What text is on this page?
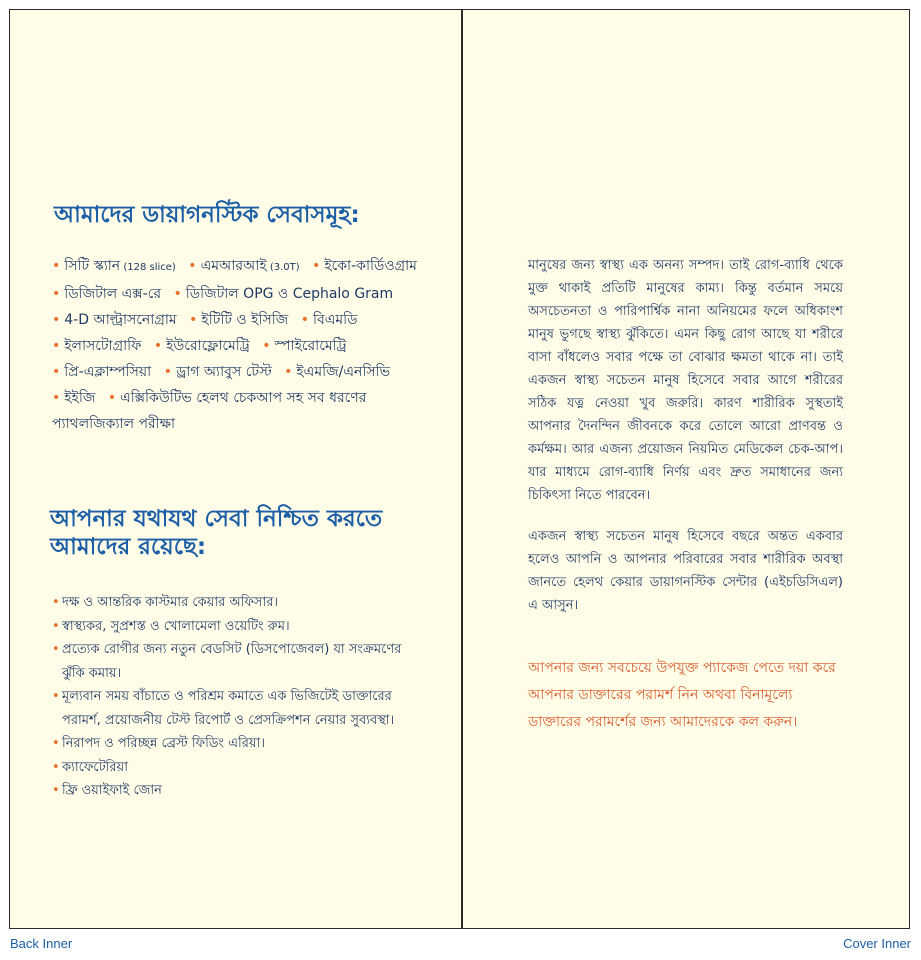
আমাদের ডায়াগনস্টিক সেবাসমূহ:
• সিটি স্ক্যান (128 slice) • এমআরআই (3.0T) • ইকো-কার্ডিওগ্রাম • ডিজিটাল এক্স-রে • ডিজিটাল OPG ও Cephalo Gram • 4-D আল্ট্রাসনোগ্রাম • ইটিটি ও ইসিজি • বিএমডি • ইলাসটোগ্রাফি • ইউরোফ্লোমেট্রি • স্পাইরোমেট্রি • প্রি-এক্লাম্পসিয়া • ড্রাগ অ্যাবুস টেস্ট • ইএমজি/এনসিভি • ইইজি • এক্সিকিউটিভ হেলথ চেকআপ সহ সব ধরণের প্যাথলজিক্যাল পরীক্ষা
আপনার যথাযথ সেবা নিশ্চিত করতে আমাদের রয়েছে:
• দক্ষ ও আন্তরিক কাস্টমার কেয়ার অফিসার।
• স্বাস্থ্যকর, সুপ্রশস্ত ও খোলামেলা ওয়েটিং রুম।
• প্রত্যেক রোগীর জন্য নতুন বেডসিট (ডিসপোজেবল) যা সংক্রমণের ঝুঁকি কমায়।
• মূল্যবান সময় বাঁচাতে ও পরিশ্রম কমাতে এক ভিজিটেই ডাক্তারের পরামর্শ, প্রয়োজনীয় টেস্ট রিপোর্ট ও প্রেসক্রিপশন নেয়ার সুব্যবস্থা।
• নিরাপদ ও পরিচ্ছন্ন ব্রেস্ট ফিডিং এরিয়া।
• ক্যাফেটেরিয়া
• ফ্রি ওয়াইফাই জোন

মানুষের জন্য স্বাস্থ্য এক অনন্য সম্পদ। তাই রোগ-ব্যাধি থেকে মুক্ত থাকাই প্রতিটি মানুষের কাম্য। কিন্তু বর্তমান সময়ে অসচেতনতা ও পারিপার্শ্বিক নানা অনিয়মের ফলে অধিকাংশ মানুষ ভুগছে স্বাস্থ্য ঝুঁকিতে। এমন কিছু রোগ আছে যা শরীরে বাসা বাঁধলেও সবার পক্ষে তা বোঝার ক্ষমতা থাকে না। তাই একজন স্বাস্থ্য সচেতন মানুষ হিসেবে সবার আগে শরীরের সঠিক যত্ন নেওয়া খুব জরুরি। কারণ শারীরিক সুস্থতাই আপনার দৈনন্দিন জীবনকে করে তোলে আরো প্রাণবন্ত ও কর্মক্ষম। আর এজন্য প্রয়োজন নিয়মিত মেডিকেল চেক-আপ। যার মাধ্যমে রোগ-ব্যাধি নির্ণয় এবং দ্রুত সমাধানের জন্য চিকিৎসা নিতে পারবেন।

একজন স্বাস্থ্য সচেতন মানুষ হিসেবে বছরে অন্তত একবার হলেও আপনি ও আপনার পরিবারের সবার শারীরিক অবস্থা জানতে হেলথ কেয়ার ডায়াগনস্টিক সেন্টার (এইচডিসিএল) এ আসুন।

আপনার জন্য সবচেয়ে উপযুক্ত প্যাকেজ পেতে দয়া করে আপনার ডাক্তারের পরামর্শ নিন অথবা বিনামূল্যে ডাক্তারের পরামর্শের জন্য আমাদেরকে কল করুন।

Back Inner	Cover Inner
